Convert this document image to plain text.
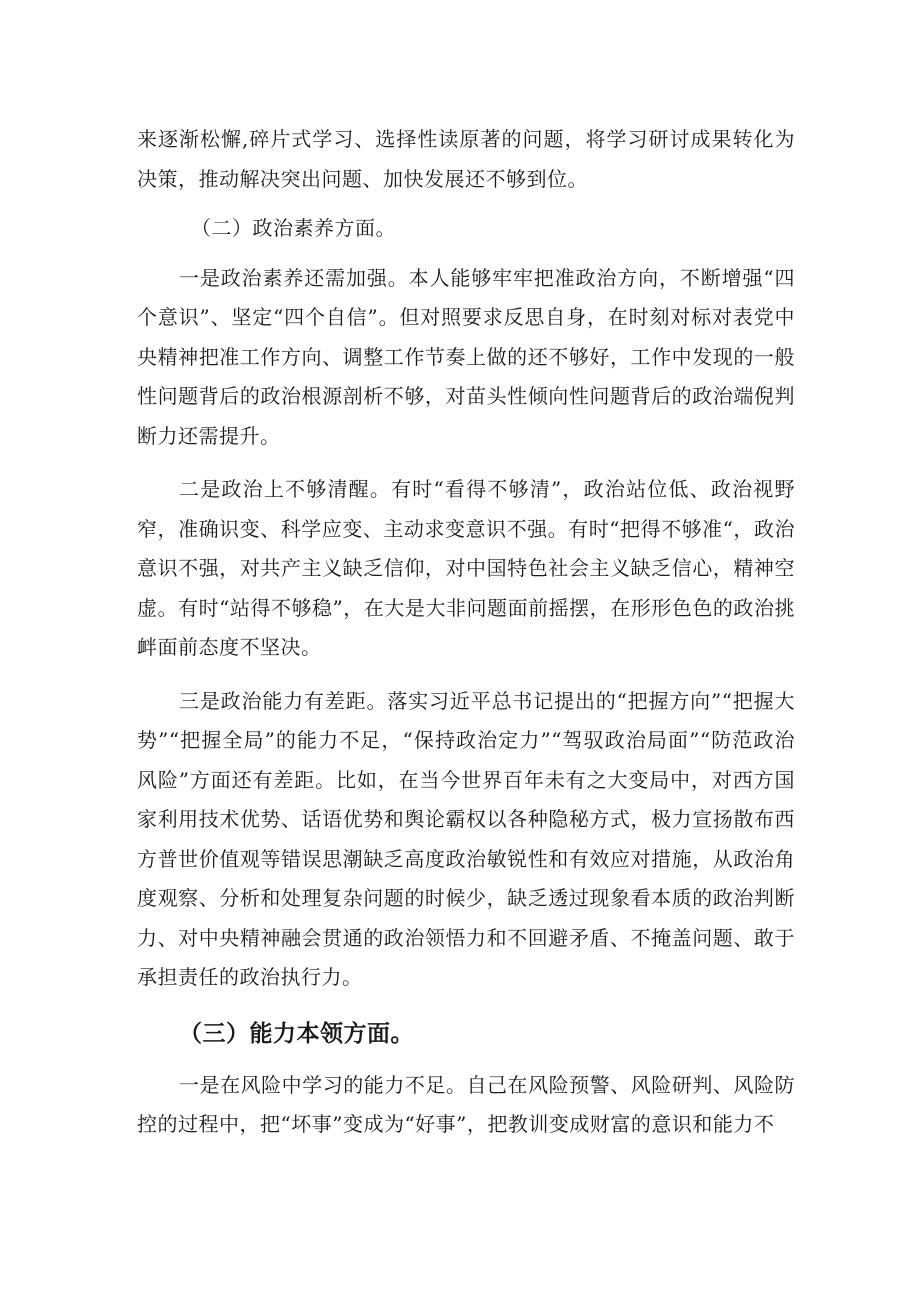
来逐渐松懈,碎片式学习、选择性读原著的问题，将学习研讨成果转化为决策，推动解决突出问题、加快发展还不够到位。

（二）政治素养方面。

一是政治素养还需加强。本人能够牢牢把准政治方向，不断增强“四个意识”、坚定“四个自信”。但对照要求反思自身，在时刻对标对表党中央精神把准工作方向、调整工作节奏上做的还不够好，工作中发现的一般性问题背后的政治根源剖析不够，对苗头性倾向性问题背后的政治端倪判断力还需提升。

二是政治上不够清醒。有时“看得不够清”，政治站位低、政治视野窄，准确识变、科学应变、主动求变意识不强。有时“把得不够准“，政治意识不强，对共产主义缺乏信仰，对中国特色社会主义缺乏信心，精神空虚。有时“站得不够稳”，在大是大非问题面前摇摆，在形形色色的政治挑衅面前态度不坚决。

三是政治能力有差距。落实习近平总书记提出的“把握方向”“把握大势”“把握全局”的能力不足，“保持政治定力”“驾驭政治局面”“防范政治风险”方面还有差距。比如，在当今世界百年未有之大变局中，对西方国家利用技术优势、话语优势和舆论霸权以各种隐秘方式，极力宣扬散布西方普世价值观等错误思潮缺乏高度政治敏锐性和有效应对措施，从政治角度观察、分析和处理复杂问题的时候少，缺乏透过现象看本质的政治判断力、对中央精神融会贯通的政治领悟力和不回避矛盾、不掩盖问题、敢于承担责任的政治执行力。

（三）能力本领方面。

一是在风险中学习的能力不足。自己在风险预警、风险研判、风险防控的过程中，把“坏事”变成为“好事”，把教训变成财富的意识和能力不
